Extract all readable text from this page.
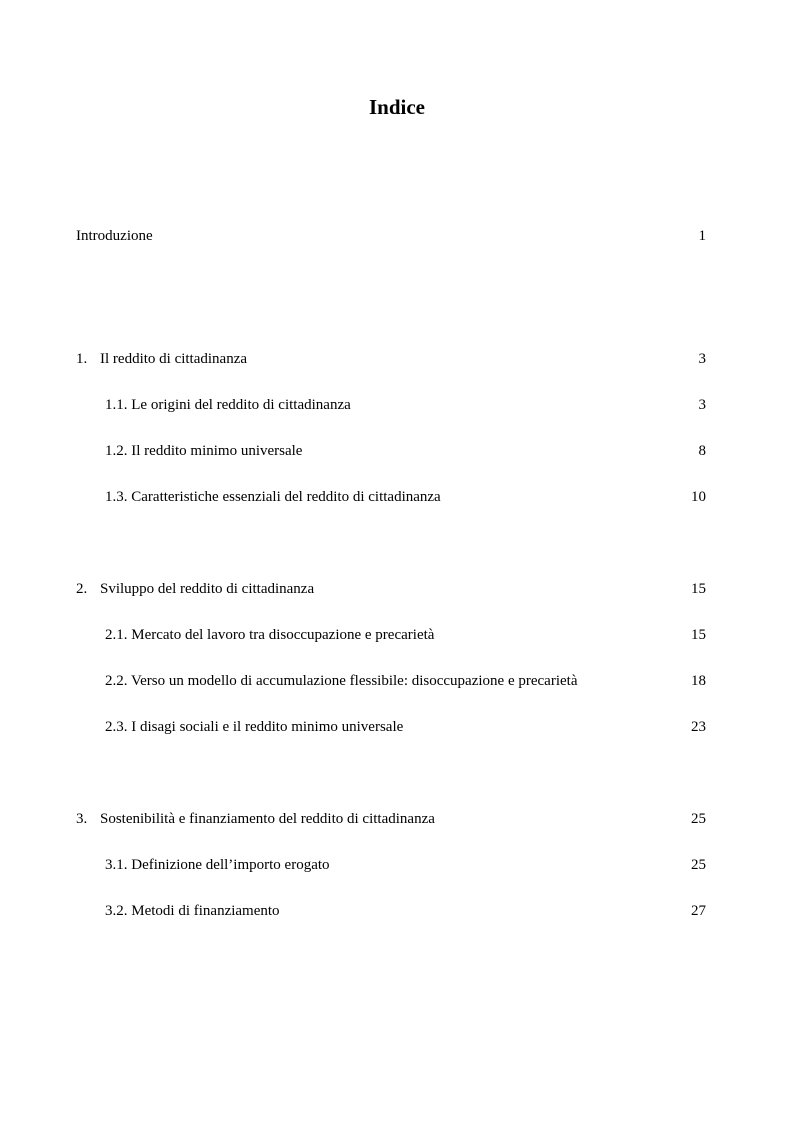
Indice
Introduzione	1
1. Il reddito di cittadinanza	3
1.1. Le origini del reddito di cittadinanza	3
1.2. Il reddito minimo universale	8
1.3. Caratteristiche essenziali del reddito di cittadinanza	10
2. Sviluppo del reddito di cittadinanza	15
2.1. Mercato del lavoro tra disoccupazione e precarietà	15
2.2. Verso un modello di accumulazione flessibile: disoccupazione e precarietà	18
2.3. I disagi sociali e il reddito minimo universale	23
3. Sostenibilità e finanziamento del reddito di cittadinanza	25
3.1. Definizione dell’importo erogato	25
3.2. Metodi di finanziamento	27
